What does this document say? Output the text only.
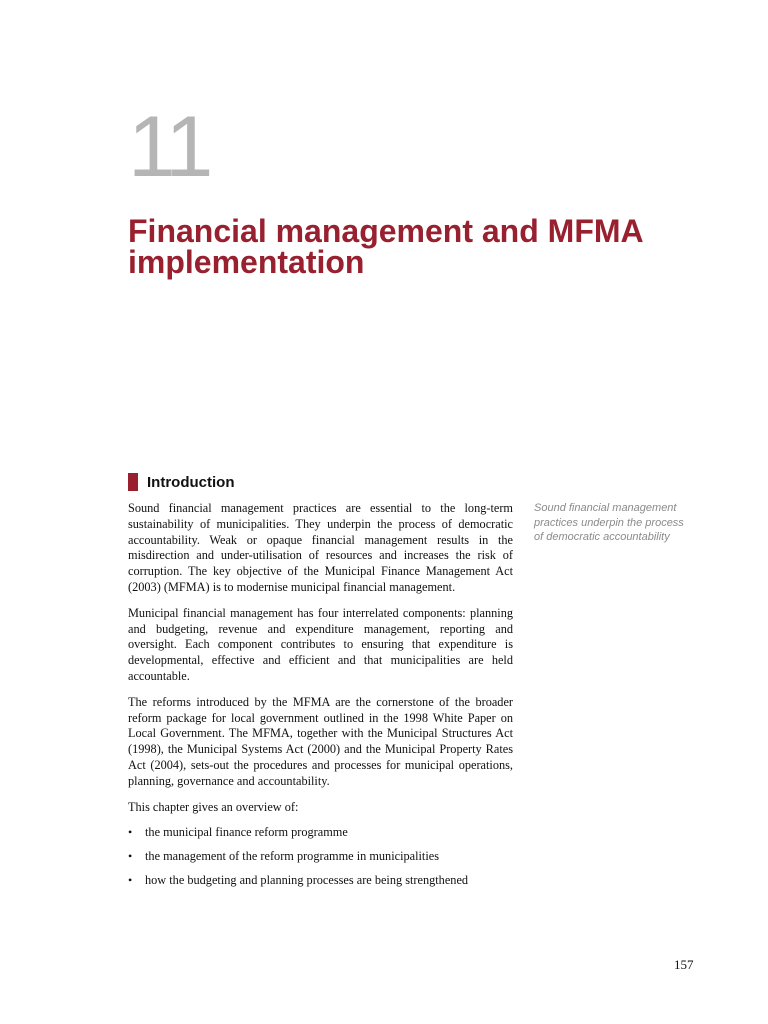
11
Financial management and MFMA implementation
Introduction

Sound financial management practices are essential to the long-term sustainability of municipalities. They underpin the process of democratic accountability. Weak or opaque financial management results in the misdirection and under-utilisation of resources and increases the risk of corruption. The key objective of the Municipal Finance Management Act (2003) (MFMA) is to modernise municipal financial management.

Municipal financial management has four interrelated components: planning and budgeting, revenue and expenditure management, reporting and oversight. Each component contributes to ensuring that expenditure is developmental, effective and efficient and that municipalities are held accountable.

The reforms introduced by the MFMA are the cornerstone of the broader reform package for local government outlined in the 1998 White Paper on Local Government. The MFMA, together with the Municipal Structures Act (1998), the Municipal Systems Act (2000) and the Municipal Property Rates Act (2004), sets-out the procedures and processes for municipal operations, planning, governance and accountability.

This chapter gives an overview of:

• the municipal finance reform programme
• the management of the reform programme in municipalities
• how the budgeting and planning processes are being strengthened
Sound financial management practices underpin the process of democratic accountability
157
